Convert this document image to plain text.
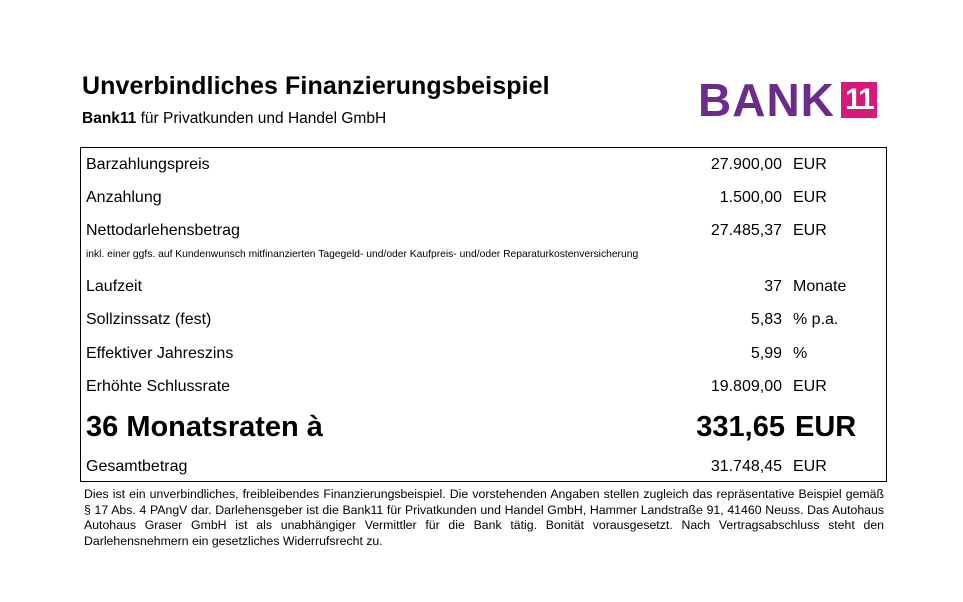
Unverbindliches Finanzierungsbeispiel
Bank11 für Privatkunden und Handel GmbH	BANK 11
Barzahlungspreis	27.900,00 EUR
Anzahlung	1.500,00 EUR
Nettodarlehensbetrag	27.485,37 EUR
inkl. einer ggfs. auf Kundenwunsch mitfinanzierten Tagegeld- und/oder Kaufpreis- und/oder Reparaturkostenversicherung
Laufzeit	37 Monate
Sollzinssatz (fest)	5,83 % p.a.
Effektiver Jahreszins	5,99 %
Erhöhte Schlussrate	19.809,00 EUR
36 Monatsraten à	331,65 EUR
Gesamtbetrag	31.748,45 EUR
Dies ist ein unverbindliches, freibleibendes Finanzierungsbeispiel. Die vorstehenden Angaben stellen zugleich das repräsentative Beispiel gemäß § 17 Abs. 4 PAngV dar. Darlehensgeber ist die Bank11 für Privatkunden und Handel GmbH, Hammer Landstraße 91, 41460 Neuss. Das Autohaus Autohaus Graser GmbH ist als unabhängiger Vermittler für die Bank tätig. Bonität vorausgesetzt. Nach Vertragsabschluss steht den Darlehensnehmern ein gesetzliches Widerrufsrecht zu.
